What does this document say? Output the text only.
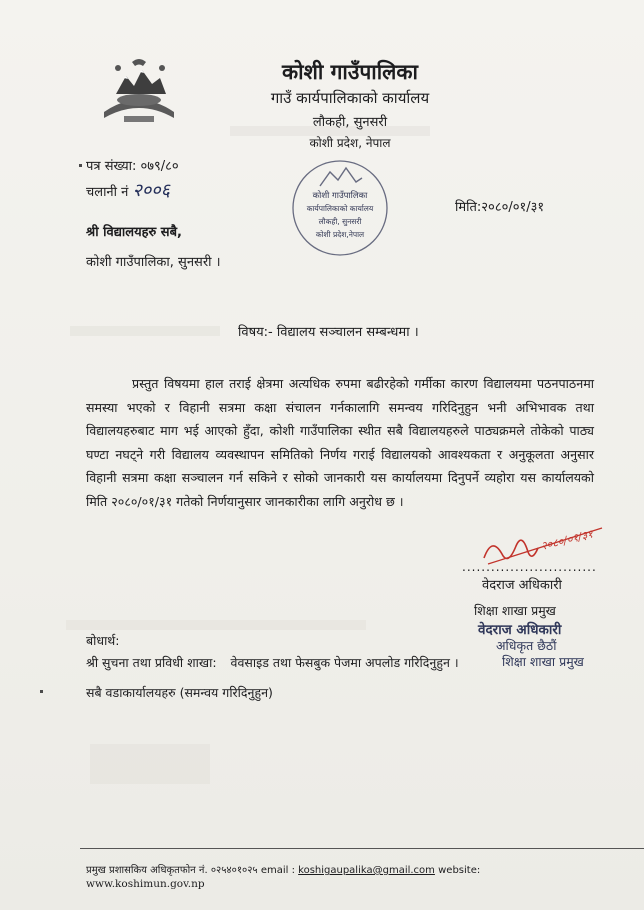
कोशी गाउँपालिका
गाउँ कार्यपालिकाको कार्यालय
लौकही, सुनसरी
कोशी प्रदेश, नेपाल
पत्र संख्या: ०७९/८०
चलानी नं २००६	कोशी गाउँपालिका
कार्यपालिकाको कार्यालय
लौकही, सुनसरी
कोशी प्रदेश,नेपाल
मिति:२०८०/०१/३१
श्री विद्यालयहरु सबै,
कोशी गाउँपालिका, सुनसरी ।
विषय:- विद्यालय सञ्चालन सम्बन्धमा ।
प्रस्तुत विषयमा हाल तराई क्षेत्रमा अत्यधिक रुपमा बढीरहेको गर्मीका कारण विद्यालयमा पठनपाठनमा समस्या भएको र विहानी सत्रमा कक्षा संचालन गर्नकालागि समन्वय गरिदिनुहुन भनी अभिभावक तथा विद्यालयहरुबाट माग भई आएको हुँदा, कोशी गाउँपालिका स्थीत सबै विद्यालयहरुले पाठ्यक्रमले तोकेको पाठ्य घण्टा नघट्ने गरी विद्यालय व्यवस्थापन समितिको निर्णय गराई विद्यालयको आवश्यकता र अनुकूलता अनुसार विहानी सत्रमा कक्षा सञ्चालन गर्न सकिने र सोको जानकारी यस कार्यालयमा दिनुपर्ने व्यहोरा यस कार्यालयको मिति २०८०/०१/३१ गतेको निर्णयानुसार जानकारीका लागि अनुरोध छ ।
२०८०/०१/३१
............................
वेदराज अधिकारी
शिक्षा शाखा प्रमुख
वेदराज अधिकारी
अधिकृत छैठौं
शिक्षा शाखा प्रमुख
बोधार्थ:
श्री सुचना तथा प्रविधी शाखा: वेवसाइड तथा फेसबुक पेजमा अपलोड गरिदिनुहुन ।
सबै वडाकार्यालयहरु (समन्वय गरिदिनुहुन)
प्रमुख प्रशासकिय अधिकृतफोन नं. ०२५४०१०२५ email : koshigaupalika@gmail.com website:
www.koshimun.gov.np
